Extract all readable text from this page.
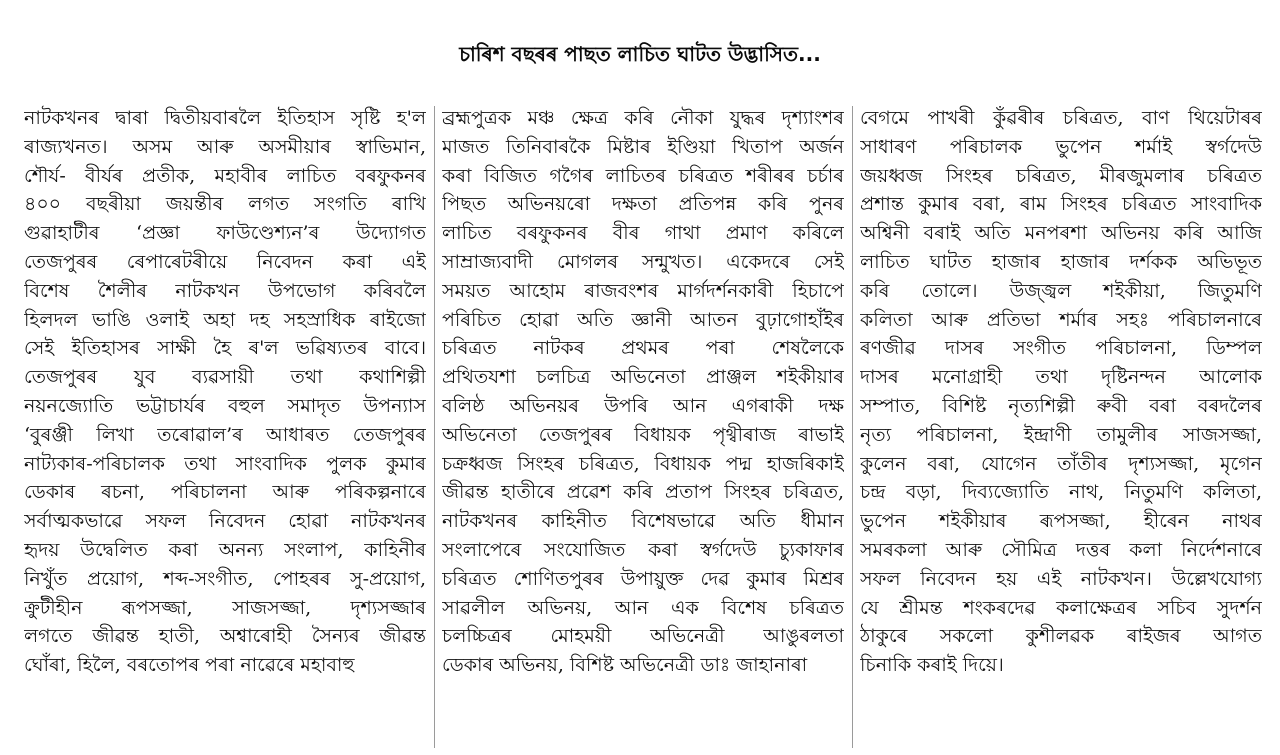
চাৰিশ বছৰৰ পাছত লাচিত ঘাটত উদ্ভাসিত...
নাটকখনৰ দ্বাৰা দ্বিতীয়বাৰলৈ ইতিহাস সৃষ্টি হ'ল
ৰাজ্যখনত। অসম আৰু অসমীয়াৰ স্বাভিমান,
শৌৰ্য- বীৰ্যৰ প্ৰতীক, মহাবীৰ লাচিত বৰফুকনৰ
৪০০ বছৰীয়া জয়ন্তীৰ লগত সংগতি ৰাখি
গুৱাহাটীৰ ‘প্ৰজ্ঞা ফাউণ্ডেশ্যন’ৰ উদ্যোগত
তেজপুৰৰ ৰেপাৰেটৰীয়ে নিবেদন কৰা এই
বিশেষ শৈলীৰ নাটকখন উপভোগ কৰিবলৈ
হিলদল ভাঙি ওলাই অহা দহ সহস্ৰাধিক ৰাইজো
সেই ইতিহাসৰ সাক্ষী হৈ ৰ'ল ভৱিষ্যতৰ বাবে।
তেজপুৰৰ যুব ব্যৱসায়ী তথা কথাশিল্পী
নয়নজ্যোতি ভট্টাচাৰ্যৰ বহুল সমাদৃত উপন্যাস
‘বুৰঞ্জী লিখা তৰোৱাল’ৰ আধাৰত তেজপুৰৰ
নাট্যকাৰ-পৰিচালক তথা সাংবাদিক পুলক কুমাৰ
ডেকাৰ ৰচনা, পৰিচালনা আৰু পৰিকল্পনাৰে
সৰ্বাত্মকভাৱে সফল নিবেদন হোৱা নাটকখনৰ
হৃদয় উদ্বেলিত কৰা অনন্য সংলাপ, কাহিনীৰ
নিখুঁত প্ৰয়োগ, শব্দ-সংগীত, পোহৰৰ সু-প্ৰয়োগ,
ক্ৰুটীহীন ৰূপসজ্জা, সাজসজ্জা, দৃশ্যসজ্জাৰ
লগতে জীৱন্ত হাতী, অশ্বাৰোহী সৈন্যৰ জীৱন্ত
ঘোঁৰা, হিলৈ, বৰতোপৰ পৰা নাৱেৰে মহাবাহু
ব্ৰহ্মপুত্ৰক মঞ্চ ক্ষেত্ৰ কৰি নৌকা যুদ্ধৰ দৃশ্যাংশৰ
মাজত তিনিবাৰকৈ মিষ্টাৰ ইণ্ডিয়া খিতাপ অৰ্জন
কৰা বিজিত গগৈৰ লাচিতৰ চৰিত্ৰত শৰীৰৰ চৰ্চাৰ
পিছত অভিনয়ৰো দক্ষতা প্ৰতিপন্ন কৰি পুনৰ
লাচিত বৰফুকনৰ বীৰ গাথা প্ৰমাণ কৰিলে
সাম্ৰাজ্যবাদী মোগলৰ সন্মুখত। একেদৰে সেই
সময়ত আহোম ৰাজবংশৰ মাৰ্গদৰ্শনকাৰী হিচাপে
পৰিচিত হোৱা অতি জ্ঞানী আতন বুঢ়াগোহাঁইৰ
চৰিত্ৰত নাটকৰ প্ৰথমৰ পৰা শেষলৈকে
প্ৰথিতযশা চলচিত্ৰ অভিনেতা প্ৰাঞ্জল শইকীয়াৰ
বলিষ্ঠ অভিনয়ৰ উপৰি আন এগৰাকী দক্ষ
অভিনেতা তেজপুৰৰ বিধায়ক পৃথ্বীৰাজ ৰাভাই
চক্ৰধ্বজ সিংহৰ চৰিত্ৰত, বিধায়ক পদ্ম হাজৰিকাই
জীৱন্ত হাতীৰে প্ৰৱেশ কৰি প্ৰতাপ সিংহৰ চৰিত্ৰত,
নাটকখনৰ কাহিনীত বিশেষভাৱে অতি ধীমান
সংলাপেৰে সংযোজিত কৰা স্বৰ্গদেউ চ্যুকাফাৰ
চৰিত্ৰত শোণিতপুৰৰ উপায়ুক্ত দেৱ কুমাৰ মিশ্ৰৰ
সাৱলীল অভিনয়, আন এক বিশেষ চৰিত্ৰত
চলচ্চিত্ৰৰ মোহময়ী অভিনেত্ৰী আঙুৰলতা
ডেকাৰ অভিনয়, বিশিষ্ট অভিনেত্ৰী ডাঃ জাহানাৰা
বেগমে পাখৰী কুঁৱৰীৰ চৰিত্ৰত, বাণ থিয়েটাৰৰ
সাধাৰণ পৰিচালক ভুপেন শৰ্মাই স্বৰ্গদেউ
জয়ধ্বজ সিংহৰ চৰিত্ৰত, মীৰজুমলাৰ চৰিত্ৰত
প্ৰশান্ত কুমাৰ বৰা, ৰাম সিংহৰ চৰিত্ৰত সাংবাদিক
অশ্বিনী বৰাই অতি মনপৰশা অভিনয় কৰি আজি
লাচিত ঘাটত হাজাৰ হাজাৰ দৰ্শকক অভিভূত
কৰি তোলে। উজ্জ্বল শইকীয়া, জিতুমণি
কলিতা আৰু প্ৰতিভা শৰ্মাৰ সহঃ পৰিচালনাৰে
ৰণজীৱ দাসৰ সংগীত পৰিচালনা, ডিম্পল
দাসৰ মনোগ্ৰাহী তথা দৃষ্টিনন্দন আলোক
সম্পাত, বিশিষ্ট নৃত্যশিল্পী ৰুবী বৰা বৰদলৈৰ
নৃত্য পৰিচালনা, ইন্দ্ৰাণী তামুলীৰ সাজসজ্জা,
কুলেন বৰা, যোগেন তাঁতীৰ দৃশ্যসজ্জা, মৃগেন
চন্দ্ৰ বড়া, দিব্যজ্যোতি নাথ, নিতুমণি কলিতা,
ভুপেন শইকীয়াৰ ৰূপসজ্জা, হীৰেন নাথৰ
সমৰকলা আৰু সৌমিত্ৰ দত্তৰ কলা নিৰ্দেশনাৰে
সফল নিবেদন হয় এই নাটকখন। উল্লেখযোগ্য
যে শ্ৰীমন্ত শংকৰদেৱ কলাক্ষেত্ৰৰ সচিব সুদৰ্শন
ঠাকুৰে সকলো কুশীলৱক ৰাইজৰ আগত
চিনাকি কৰাই দিয়ে।
